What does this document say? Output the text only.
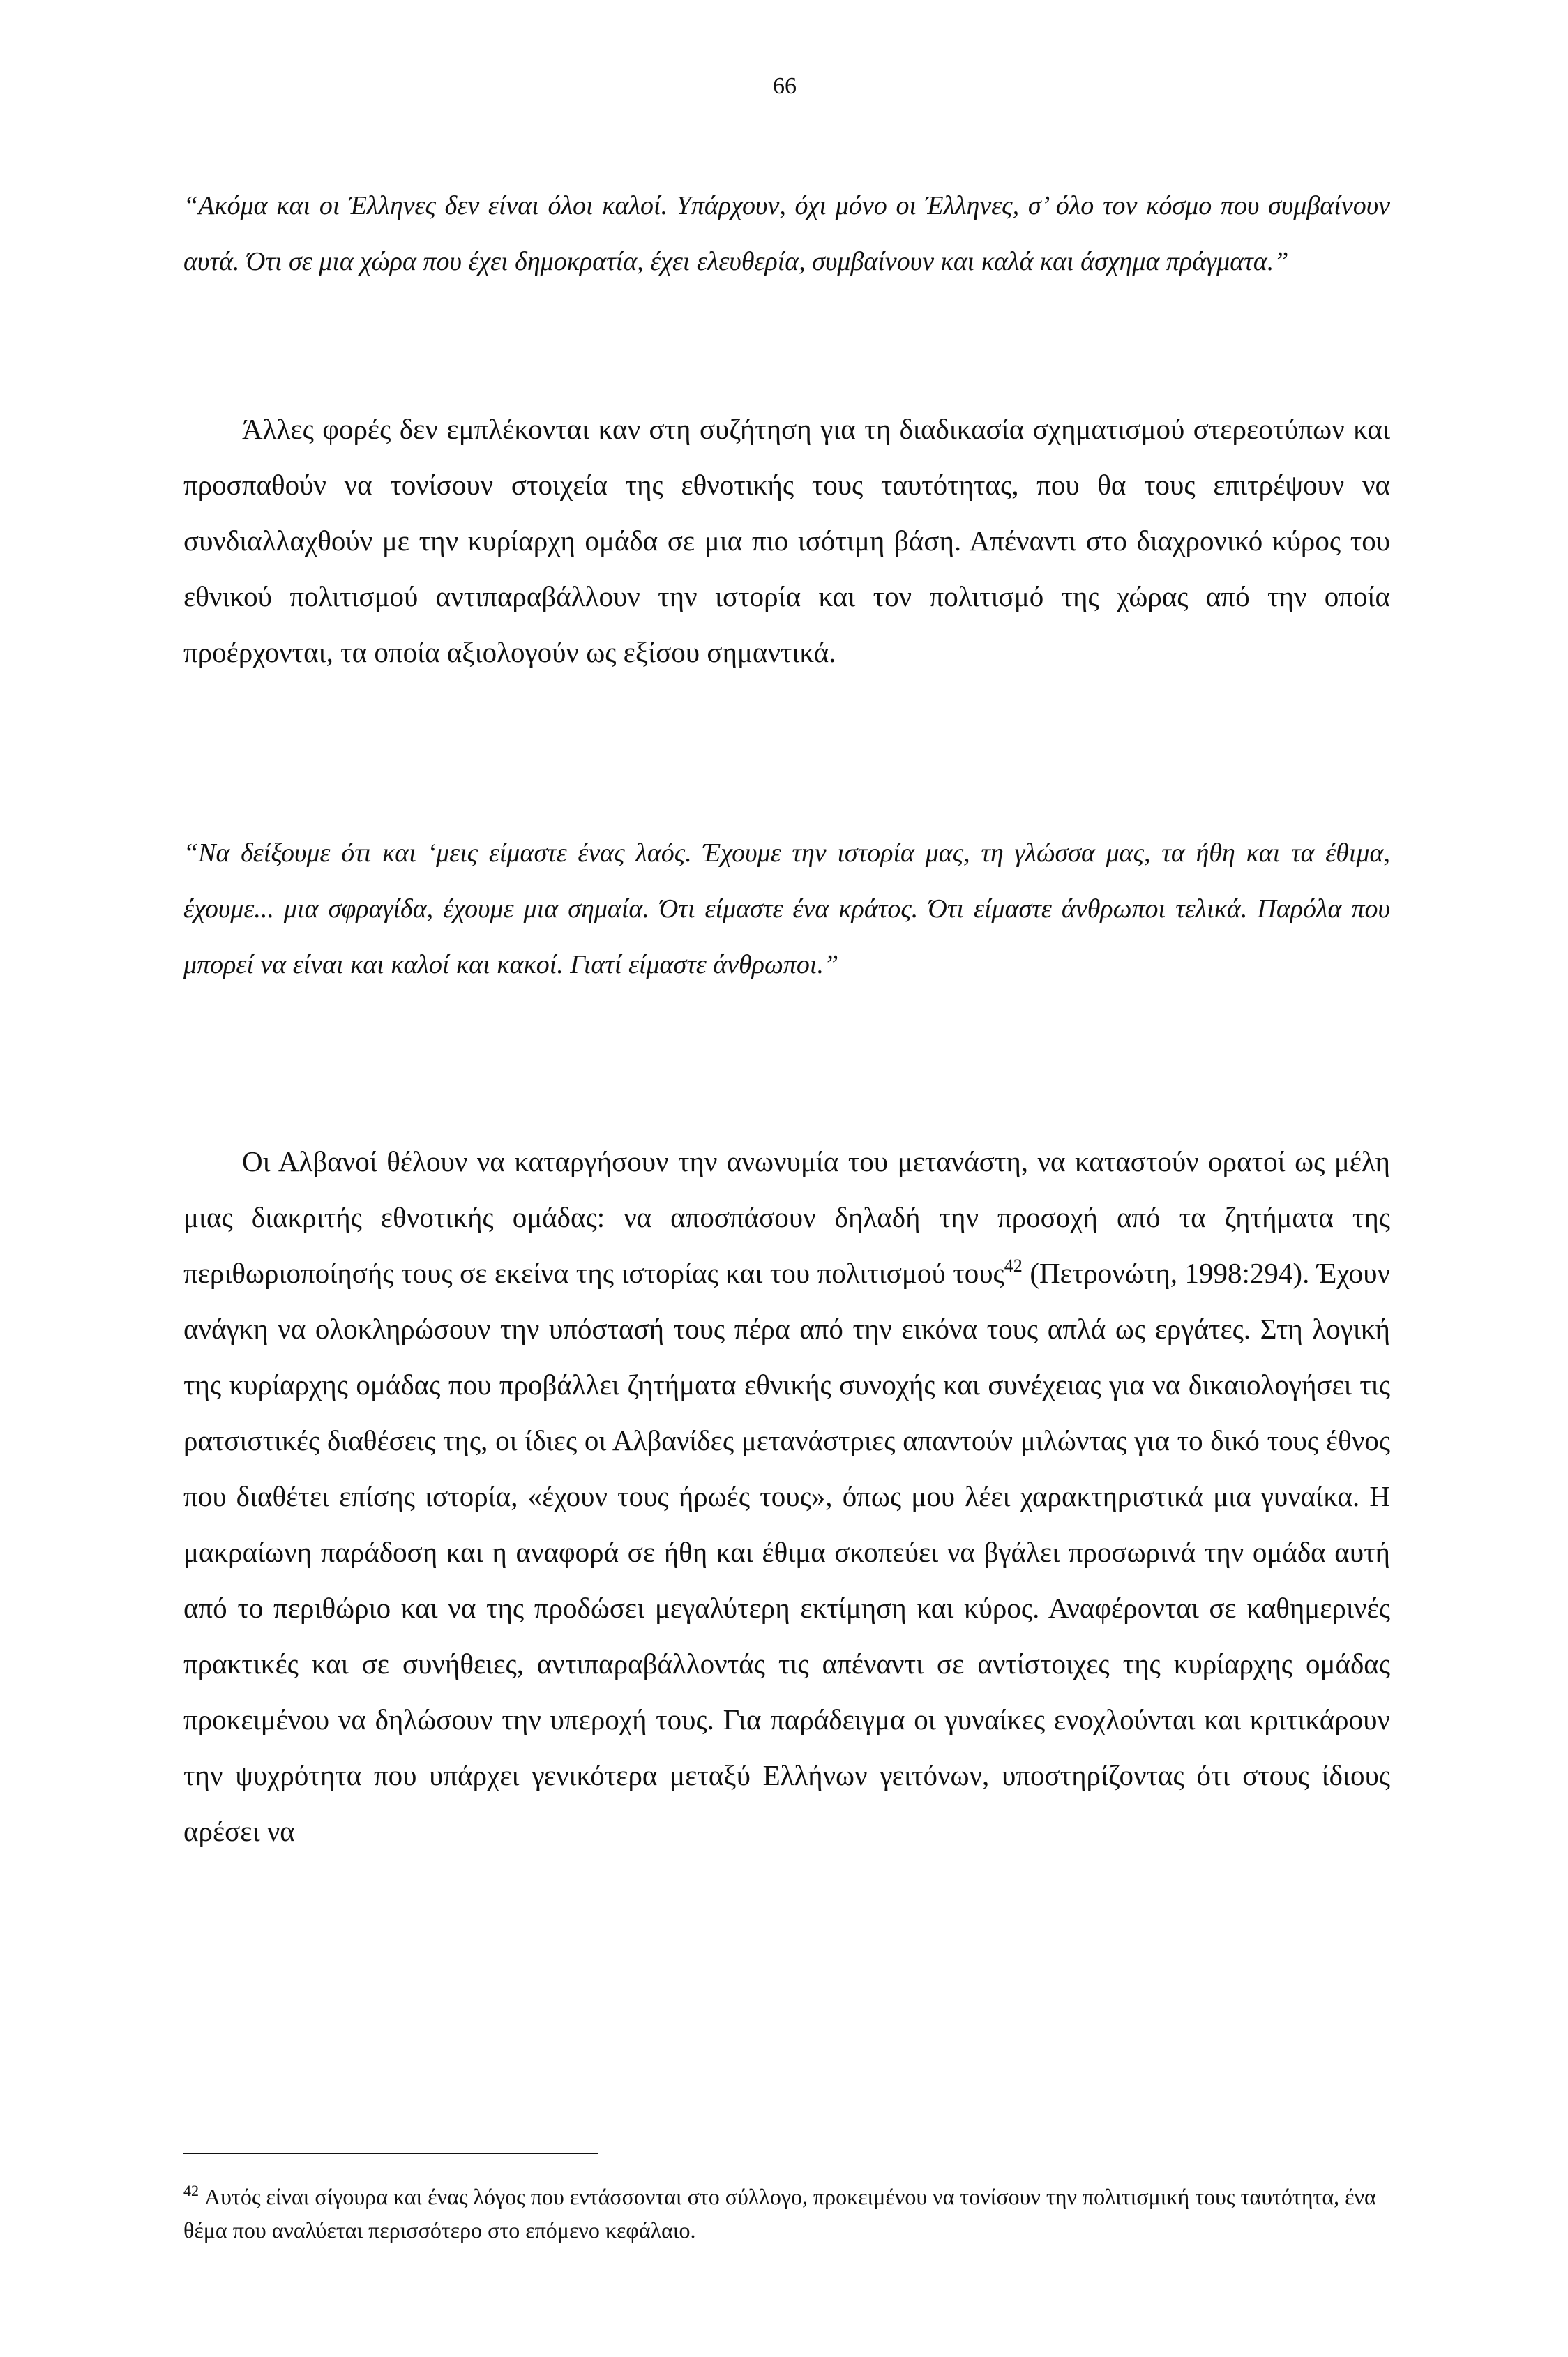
66

“Ακόμα και οι Έλληνες δεν είναι όλοι καλοί. Υπάρχουν, όχι μόνο οι Έλληνες, σ’ όλο τον κόσμο που συμβαίνουν αυτά. Ότι σε μια χώρα που έχει δημοκρατία, έχει ελευθερία, συμβαίνουν και καλά και άσχημα πράγματα.”

Άλλες φορές δεν εμπλέκονται καν στη συζήτηση για τη διαδικασία σχηματισμού στερεοτύπων και προσπαθούν να τονίσουν στοιχεία της εθνοτικής τους ταυτότητας, που θα τους επιτρέψουν να συνδιαλλαχθούν με την κυρίαρχη ομάδα σε μια πιο ισότιμη βάση. Απέναντι στο διαχρονικό κύρος του εθνικού πολιτισμού αντιπαραβάλλουν την ιστορία και τον πολιτισμό της χώρας από την οποία προέρχονται, τα οποία αξιολογούν ως εξίσου σημαντικά.

“Να δείξουμε ότι και ‘μεις είμαστε ένας λαός. Έχουμε την ιστορία μας, τη γλώσσα μας, τα ήθη και τα έθιμα, έχουμε... μια σφραγίδα, έχουμε μια σημαία. Ότι είμαστε ένα κράτος. Ότι είμαστε άνθρωποι τελικά. Παρόλα που μπορεί να είναι και καλοί και κακοί. Γιατί είμαστε άνθρωποι.”

Οι Αλβανοί θέλουν να καταργήσουν την ανωνυμία του μετανάστη, να καταστούν ορατοί ως μέλη μιας διακριτής εθνοτικής ομάδας: να αποσπάσουν δηλαδή την προσοχή από τα ζητήματα της περιθωριοποίησής τους σε εκείνα της ιστορίας και του πολιτισμού τους$^{42}$ (Πετρονώτη, 1998:294). Έχουν ανάγκη να ολοκληρώσουν την υπόστασή τους πέρα από την εικόνα τους απλά ως εργάτες. Στη λογική της κυρίαρχης ομάδας που προβάλλει ζητήματα εθνικής συνοχής και συνέχειας για να δικαιολογήσει τις ρατσιστικές διαθέσεις της, οι ίδιες οι Αλβανίδες μετανάστριες απαντούν μιλώντας για το δικό τους έθνος που διαθέτει επίσης ιστορία, «έχουν τους ήρωές τους», όπως μου λέει χαρακτηριστικά μια γυναίκα. Η μακραίωνη παράδοση και η αναφορά σε ήθη και έθιμα σκοπεύει να βγάλει προσωρινά την ομάδα αυτή από το περιθώριο και να της προδώσει μεγαλύτερη εκτίμηση και κύρος. Αναφέρονται σε καθημερινές πρακτικές και σε συνήθειες, αντιπαραβάλλοντάς τις απέναντι σε αντίστοιχες της κυρίαρχης ομάδας προκειμένου να δηλώσουν την υπεροχή τους. Για παράδειγμα οι γυναίκες ενοχλούνται και κριτικάρουν την ψυχρότητα που υπάρχει γενικότερα μεταξύ Ελλήνων γειτόνων, υποστηρίζοντας ότι στους ίδιους αρέσει να

$^{42}$ Αυτός είναι σίγουρα και ένας λόγος που εντάσσονται στο σύλλογο, προκειμένου να τονίσουν την πολιτισμική τους ταυτότητα, ένα θέμα που αναλύεται περισσότερο στο επόμενο κεφάλαιο.
